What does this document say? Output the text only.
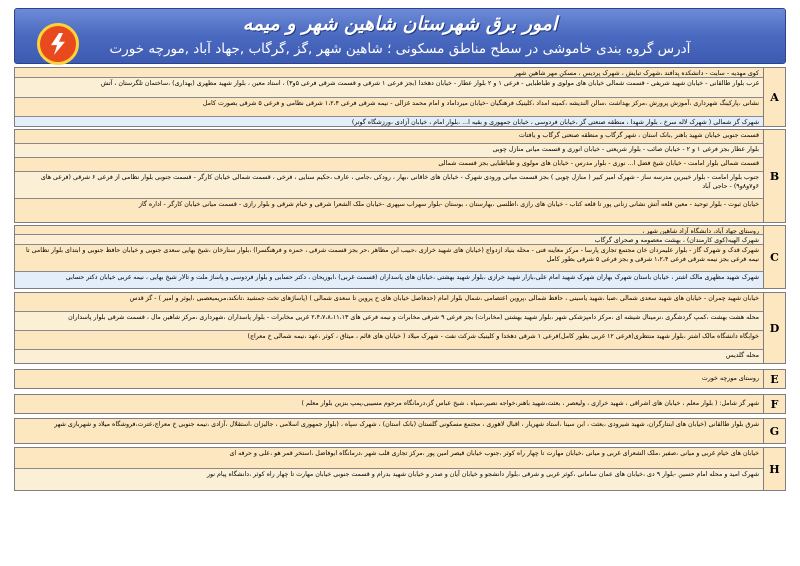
امور برق شهرستان شاهین شهر و میمه
آدرس گروه بندی خاموشی در سطح مناطق مسکونی ؛ شاهین شهر ,گز ,گرگاب ,جهاد آباد ,مورچه خورت
کوی مهدیه - سایت - دانشکده پدافند ،شهرک تبایش ، شهرک پردیس ، مسکن مهر شاهین شهر
غرب بلوار طالقانی - خیابان شهید شریفی - قسمت شمالی خیابان های مولوی و طباطبایی - فرعی ۱ و ۲ بلوار عطار - خیابان دهخدا (بجز فرعی ۱ شرقی و قسمت شرقی فرعی ۵و۳) ، استاد معین ، بلوار شهید مطهری (بهداری) ،ساختمان تلگرستان ، آتش
نشانی ،پارکینگ شهرداری ،آموزش پرورش ،مرکز بهداشت ،سالن الندیشه ،کمیته امداد ،کلینیک فرهنگیان -خیابان میرداماد و امام محمد غزالی - نیمه شرقی فرعی ۱،۲،۴ شرقی نظامی و فرعی ۵ شرقی بصورت کامل
شهرک گز شمالی ( شهرک لاله سرخ ، بلوار شهدا ، منطقه صنعتی گز ،خیابان فردوسی ، خیابان جمهوری و بقیه ا... ،بلوار امام ، خیابان آزادی ،ورزشگاه گوتر)
A
قسمت جنوبی خیابان شهید باهنر ,بانک استان ، شهر گرگاب و منطقه صنعتی گرگاب و یافتات
بلوار عطار بجز فرعی ۱ و ۲ - خیابان صائب - بلوار شریعتی - خیابان انوری و قسمت میانی منازل چوبی
قسمت شمالی بلوار امامت - خیابان شیخ فضل ا... نوری - بلوار مدرس - خیابان های مولوی و طباطبایی بجز قسمت شمالی
جنوب بلوار امامت - بلوار خیبرین مدرسه ساز - شهرک امیر کبیر ( منازل چوبی ) بجز قسمت میانی ورودی شهرک - خیابان های خاقانی ،بهار ، رودکی ،جامی ، عارف ،حکیم سنایی ، فرخی ، قسمت شمالی خیابان کارگر - قسمت جنوبی بلوار نظامی از فرعی ۶ شرقی (فرعی های ۶و۷و۸و۹) - حاجی آباد
خیابان ثبوت - بلوار توحید - معین قلعه آتش نشانی زنانی پور تا قلعه کتاب - خیابان های رازی ،اطلسی ،بهارستان ، بوستان -بلوار سهراب سپهری -خیابان ملک الشعرا شرقی و خیام شرقی و بلوار رازی - قسمت میانی خیابان کارگر - اداره گاز
B
روستای جهاد آباد، دانشگاه آزاد شاهین شهر ،
شهرک الهیه(کوی کارمندان) ، بهشت معصومه و صحرای گرگاب
شهرک قدک و شهرک گاز - بلوار علیمردان خان مجتمع تجاری پارسا - مرکز معاینه فنی - محله بنیاد ازدواج (خیابان های شهید خرازی ،حبیب ابن مظاهر ،حر بجز قسمت شرقی ، حمزه و فرهنگسرا) ،بلوار ستارخان ،شیخ بهایی سعدی جنوبی و خیابان حافظ جنوبی و ابتدای بلوار نظامی تا نیمه فرعی بجز نیمه شرقی فرعی ۱،۲،۴ شرقی و بجز فرعی ۵ شرقی بطور کامل
شهرک شهید مطهری مالک اشتر ، خیابان باستان شهرک بهاران شهرک شهید امام علی،بازار شهید خرازی ،بلوار شهید بهشتی ،خیابان های پاسداران (قسمت غربی) ،ابوریحان ، دکتر حسابی و بلوار فردوسی و پاساژ ملت و تالار شیخ بهایی ، نیمه غربی خیابان دکتر حسابی
C
خیابان شهید چمران - خیابان های شهید سعدی شمالی ،صبا ،شهید یاسینی ، حافظ شمالی ،پروین اعتصامی ،شمال بلوار امام (حدفاصل خیابان های ح پروین تا سعدی شمالی ) (پاساژهای تخت جمشید ،تانکند،مریمیعصبی ،ایوثر و امیر ) - گز قدس
محله هشت بهشت ،کمپ گردشگری ،نرمینال شیشه ای ،مرکز دامپزشکی شهر ،بلوار شهید بهشتی (مخابرات) بجز فرعی ۹ شرقی مخابرات و نیمه فرعی های ۲،۴،۷،۸،۱۱،۱۳ غربی مخابرات - بلوار پاسداران ،شهرداری ،مرکز شاهین مال ، قسمت شرقی بلوار پاسداران
خوابگاه دانشگاه مالک اشتر ،بلوار شهید منتظری(فرعی ۱۲ غربی بطور کامل)فرعی ۱ شرقی دهخدا و کلینیک شرکت نفت - شهرک میلاد ( خیابان های قائم ، میثاق ، کوثر ،عهد ،نیمه شمالی خ معراج)
محله گلدیس
D
روستای مورچه خورت	E
شهر گز شامل: ( بلوار معلم ، خیابان های اشراقی ، شهید خرازی ، ولیعصر ، بعثت،شهید باهنر،خواجه نصیر،سپاه ، شیخ عباس گز،درمانگاه مرحوم مسیبی،پمپ بنزین بلوار معلم )	F
شرق بلوار طالقانی (خیابان های ابنتارگران، شهید شیرودی ،بعثت ، ابن سینا ،استاد شهریار ، اقبال لاهوری ، مجتمع مسکونی گلستان (بانک استان) ، شهرک سپاه ، (بلوار جمهوری اسلامی ، جالیزان ،استقلال ،آزادی ،نیمه جنوبی خ معراج،عترت،فروشگاه میلاد و شهربازی شهر G
خیابان های خیام غربی و میانی ،صفیر ،ملک الشعرای غربی و میانی ،خیابان مهارت تا چهار راه کوثر ،جنوب خیابان قیصر امین پور ،مرکز تجاری قلب شهر ،درمانگاه ابوفاضل ،استخر قمر هو ،علی و حرفه ای
شهرک امید و محله امام حسین -بلوار ۹ دی ،خیابان های عمان سامانی ،کوثر غربی و شرقی ،بلوار دانشجو و خیابان آیان و صدر و خیابان شهید بدرام و قسمت جنوبی خیابان مهارت تا چهار راه کوثر ،دانشگاه پیام نور H
